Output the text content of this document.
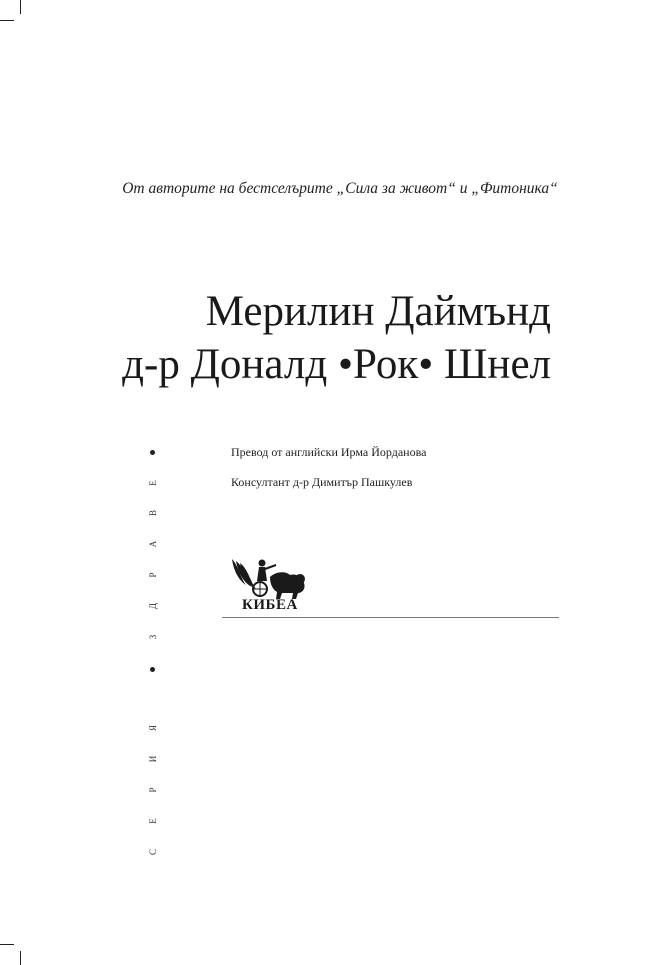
От авторите на бестселърите „Сила за живот“ и „Фитоника“
Мерилин Даймънд
д-р Доналд •Рок• Шнел
Превод от английски Ирма Йорданова
Консултант д-р Димитър Пашкулев
Е
В
А
Р
Д
З
Я
И
Р
Е
С
КИБЕА
